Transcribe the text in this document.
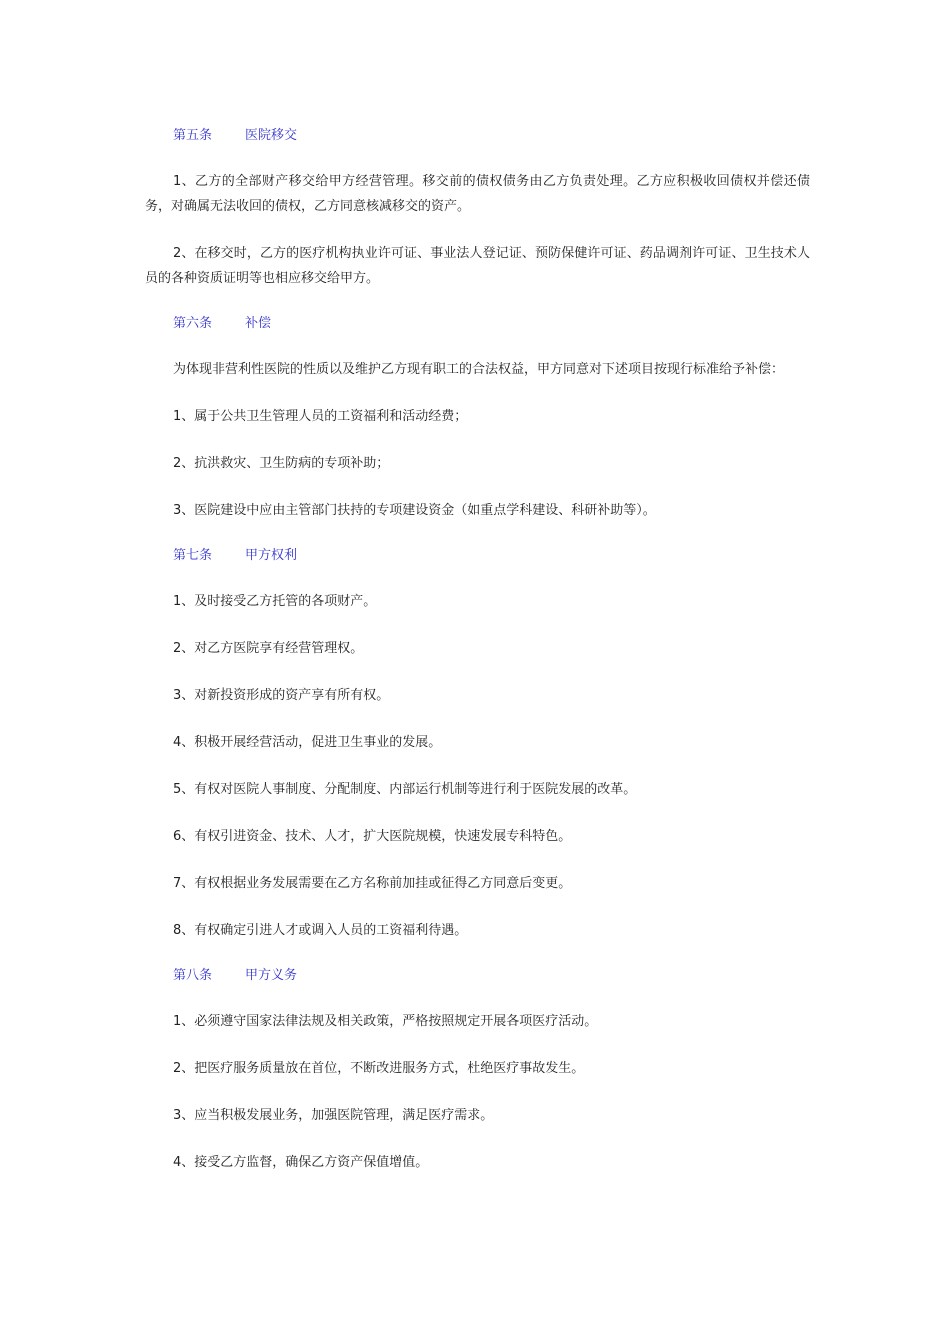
第五条	医院移交

1、乙方的全部财产移交给甲方经营管理。移交前的债权债务由乙方负责处理。乙方应积极收回债权并偿还债务，对确属无法收回的债权，乙方同意核减移交的资产。

2、在移交时，乙方的医疗机构执业许可证、事业法人登记证、预防保健许可证、药品调剂许可证、卫生技术人员的各种资质证明等也相应移交给甲方。

第六条	补偿

为体现非营利性医院的性质以及维护乙方现有职工的合法权益，甲方同意对下述项目按现行标准给予补偿：

1、属于公共卫生管理人员的工资福利和活动经费；

2、抗洪救灾、卫生防病的专项补助；

3、医院建设中应由主管部门扶持的专项建设资金（如重点学科建设、科研补助等）。

第七条	甲方权利

1、及时接受乙方托管的各项财产。

2、对乙方医院享有经营管理权。

3、对新投资形成的资产享有所有权。

4、积极开展经营活动，促进卫生事业的发展。

5、有权对医院人事制度、分配制度、内部运行机制等进行利于医院发展的改革。

6、有权引进资金、技术、人才，扩大医院规模，快速发展专科特色。

7、有权根据业务发展需要在乙方名称前加挂或征得乙方同意后变更。

8、有权确定引进人才或调入人员的工资福利待遇。

第八条	甲方义务

1、必须遵守国家法律法规及相关政策，严格按照规定开展各项医疗活动。

2、把医疗服务质量放在首位，不断改进服务方式，杜绝医疗事故发生。

3、应当积极发展业务，加强医院管理，满足医疗需求。

4、接受乙方监督，确保乙方资产保值增值。
